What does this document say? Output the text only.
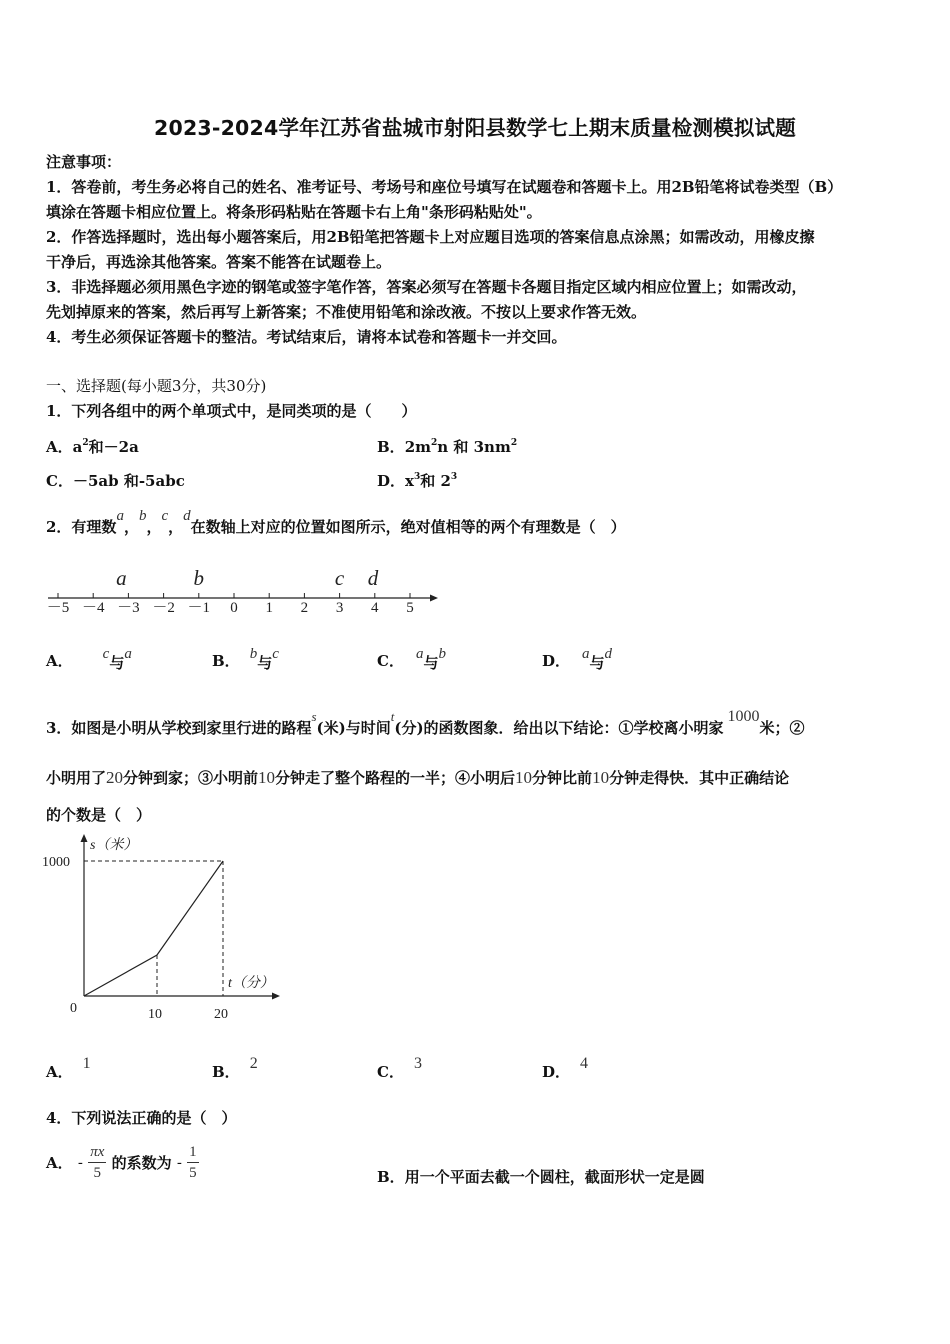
2023-2024学年江苏省盐城市射阳县数学七上期末质量检测模拟试题
注意事项：
1．答卷前，考生务必将自己的姓名、准考证号、考场号和座位号填写在试题卷和答题卡上。用2B铅笔将试卷类型（B）
填涂在答题卡相应位置上。将条形码粘贴在答题卡右上角"条形码粘贴处"。
2．作答选择题时，选出每小题答案后，用2B铅笔把答题卡上对应题目选项的答案信息点涂黑；如需改动，用橡皮擦
干净后，再选涂其他答案。答案不能答在试题卷上。
3．非选择题必须用黑色字迹的钢笔或签字笔作答，答案必须写在答题卡各题目指定区域内相应位置上；如需改动，
先划掉原来的答案，然后再写上新答案；不准使用铅笔和涂改液。不按以上要求作答无效。
4．考生必须保证答题卡的整洁。考试结束后，请将本试卷和答题卡一并交回。
一、选择题(每小题3分，共30分)
1．下列各组中的两个单项式中，是同类项的是（　　）
A．$a^2$和－2a	B．$2m^2n$ 和 $3nm^2$
C．－5ab 和-5abc	D．$x^3$和 $2^3$
2．有理数a，b，c，d在数轴上对应的位置如图所示，绝对值相等的两个有理数是（　）
－5 －4 －3 －2 －1 0 1 2 3 4 5
a	b	c d
A． c与a	B． b与c	C． a与b	D． a与d
3．如图是小明从学校到家里行进的路程s(米)与时间t(分)的函数图象．给出以下结论：①学校离小明家1000米；②
小明用了20分钟到家；③小明前10分钟走了整个路程的一半；④小明后10分钟比前10分钟走得快．其中正确结论
的个数是（　）
s（米）
t（分）
1000
0	10	20
A． 1	B． 2	C． 3	D． 4
4．下列说法正确的是（　）
A． - $\frac{\pi x}{5}$ 的系数为 - $\frac{1}{5}$	B．用一个平面去截一个圆柱，截面形状一定是圆
